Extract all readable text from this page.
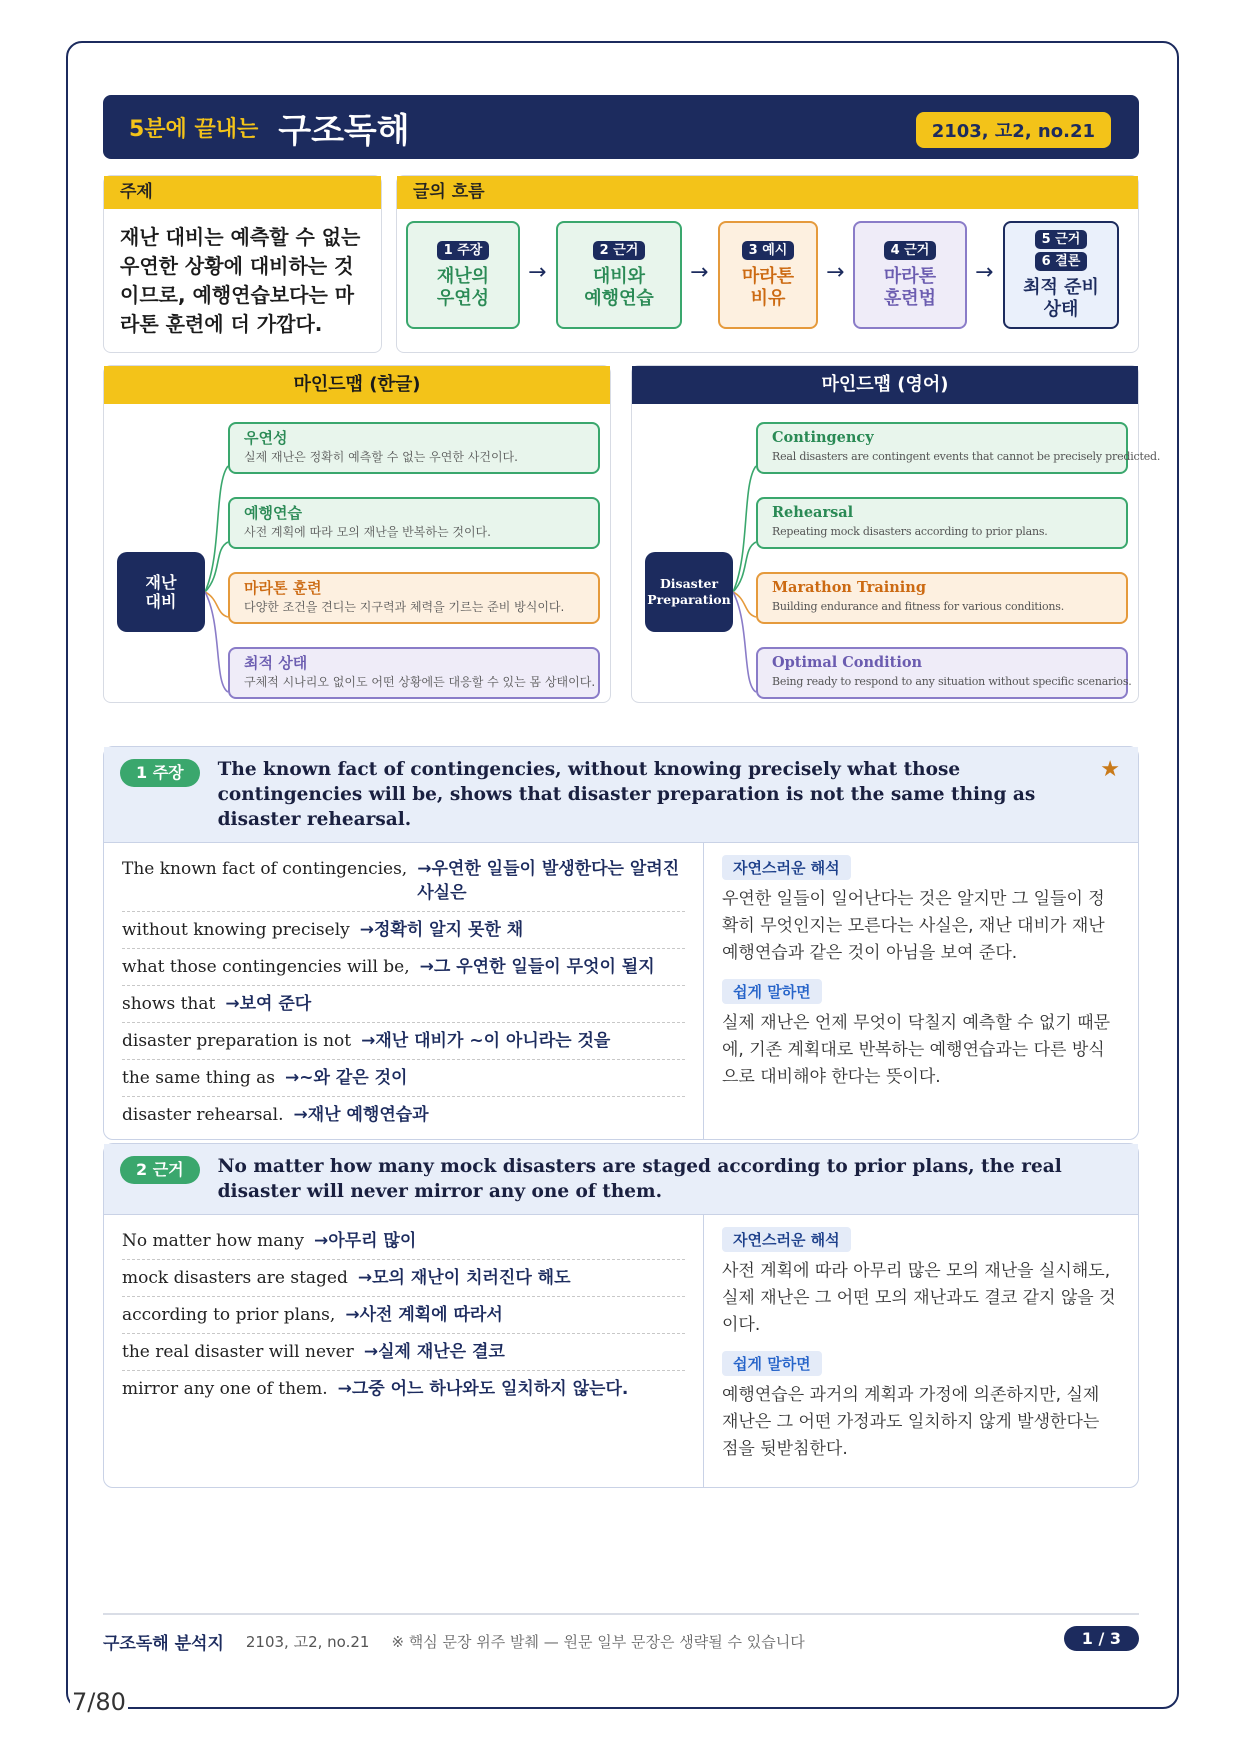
5분에 끝내는 구조독해	2103, 고2, no.21
주제
재난 대비는 예측할 수 없는 우연한 상황에 대비하는 것이므로, 예행연습보다는 마라톤 훈련에 더 가깝다.
글의 흐름
1 주장
재난의
우연성
→
2 근거
대비와
예행연습
→
3 예시
마라톤
비유
→
4 근거
마라톤
훈련법
→
5 근거
6 결론
최적 준비
상태
마인드맵 (한글)
재난
대비
우연성
실제 재난은 정확히 예측할 수 없는 우연한 사건이다.
예행연습
사전 계획에 따라 모의 재난을 반복하는 것이다.
마라톤 훈련
다양한 조건을 견디는 지구력과 체력을 기르는 준비 방식이다.
최적 상태
구체적 시나리오 없이도 어떤 상황에든 대응할 수 있는 몸 상태이다.
마인드맵 (영어)
Disaster
Preparation
Contingency
Real disasters are contingent events that cannot be precisely predicted.
Rehearsal
Repeating mock disasters according to prior plans.
Marathon Training
Building endurance and fitness for various conditions.
Optimal Condition
Being ready to respond to any situation without specific scenarios.
1 주장	The known fact of contingencies, without knowing precisely what those contingencies will be, shows that disaster preparation is not the same thing as disaster rehearsal.
★
The known fact of contingencies,	→ 우연한 일들이 발생한다는 알려진 사실은
without knowing precisely	→ 정확히 알지 못한 채
what those contingencies will be,	→ 그 우연한 일들이 무엇이 될지
shows that	→ 보여 준다
disaster preparation is not	→ 재난 대비가 ~이 아니라는 것을
the same thing as	→ ~와 같은 것이
disaster rehearsal.	→ 재난 예행연습과
자연스러운 해석
우연한 일들이 일어난다는 것은 알지만 그 일들이 정확히 무엇인지는 모른다는 사실은, 재난 대비가 재난 예행연습과 같은 것이 아님을 보여 준다.
쉽게 말하면
실제 재난은 언제 무엇이 닥칠지 예측할 수 없기 때문에, 기존 계획대로 반복하는 예행연습과는 다른 방식으로 대비해야 한다는 뜻이다.
2 근거	No matter how many mock disasters are staged according to prior plans, the real disaster will never mirror any one of them.
No matter how many	→ 아무리 많이
mock disasters are staged	→ 모의 재난이 치러진다 해도
according to prior plans,	→ 사전 계획에 따라서
the real disaster will never	→ 실제 재난은 결코
mirror any one of them.	→ 그중 어느 하나와도 일치하지 않는다.
자연스러운 해석
사전 계획에 따라 아무리 많은 모의 재난을 실시해도, 실제 재난은 그 어떤 모의 재난과도 결코 같지 않을 것이다.
쉽게 말하면
예행연습은 과거의 계획과 가정에 의존하지만, 실제 재난은 그 어떤 가정과도 일치하지 않게 발생한다는 점을 뒷받침한다.
구조독해 분석지 2103, 고2, no.21 ※ 핵심 문장 위주 발췌 — 원문 일부 문장은 생략될 수 있습니다	1 / 3
7/80
